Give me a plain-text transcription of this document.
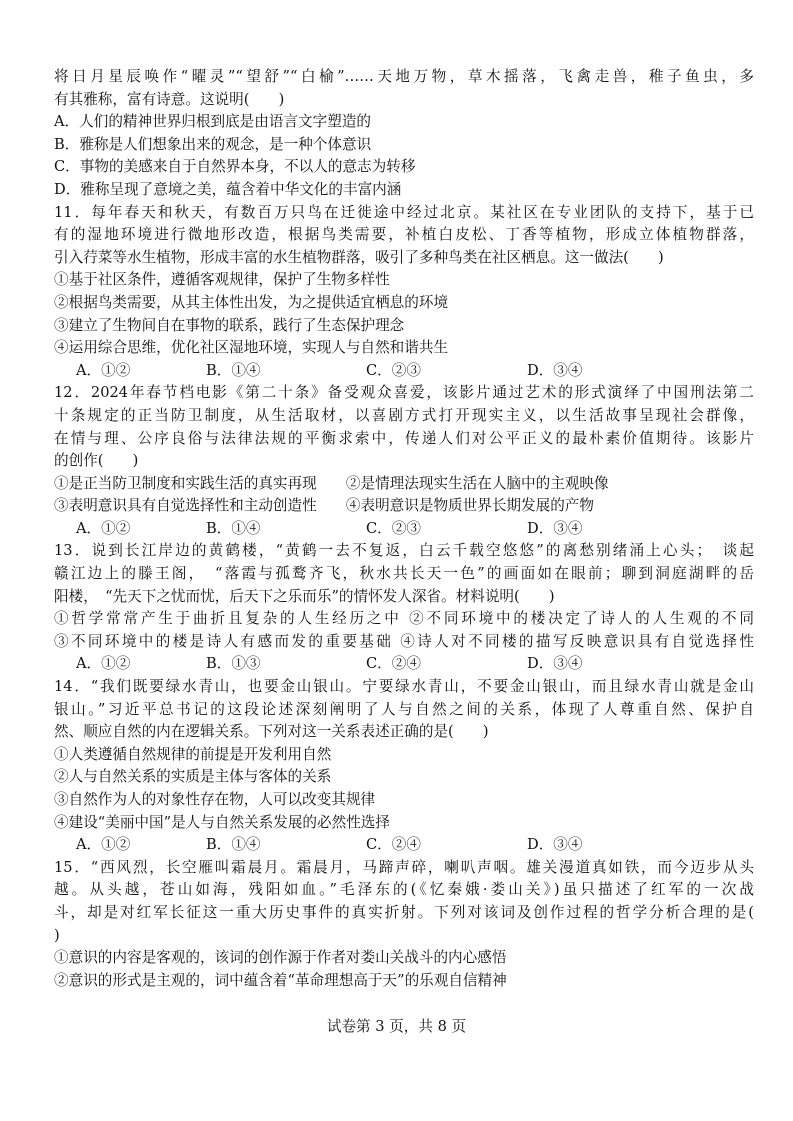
将日月星辰唤作“曜灵”“望舒”“白榆”……天地万物，草木摇落，飞禽走兽，稚子鱼虫，多
有其雅称，富有诗意。这说明(　　)
A．人们的精神世界归根到底是由语言文字塑造的
B．雅称是人们想象出来的观念，是一种个体意识
C．事物的美感来自于自然界本身，不以人的意志为转移
D．雅称呈现了意境之美，蕴含着中华文化的丰富内涵
11．每年春天和秋天，有数百万只鸟在迁徙途中经过北京。某社区在专业团队的支持下，基于已
有的湿地环境进行微地形改造，根据鸟类需要，补植白皮松、丁香等植物，形成立体植物群落，
引入荇菜等水生植物，形成丰富的水生植物群落，吸引了多种鸟类在社区栖息。这一做法(　　)
①基于社区条件，遵循客观规律，保护了生物多样性
②根据鸟类需要，从其主体性出发，为之提供适宜栖息的环境
③建立了生物间自在事物的联系，践行了生态保护理念
④运用综合思维，优化社区湿地环境，实现人与自然和谐共生
A．①②	B．①④	C．②③	D．③④
12．2024年春节档电影《第二十条》备受观众喜爱，该影片通过艺术的形式演绎了中国刑法第二
十条规定的正当防卫制度，从生活取材，以喜剧方式打开现实主义，以生活故事呈现社会群像，
在情与理、公序良俗与法律法规的平衡求索中，传递人们对公平正义的最朴素价值期待。该影片
的创作(　　)
①是正当防卫制度和实践生活的真实再现　　②是情理法现实生活在人脑中的主观映像
③表明意识具有自觉选择性和主动创造性　　④表明意识是物质世界长期发展的产物
A．①②	B．①④	C．②③	D．③④
13．说到长江岸边的黄鹤楼，“黄鹤一去不复返，白云千载空悠悠”的离愁别绪涌上心头；　谈起
赣江边上的滕王阁，　“落霞与孤鹜齐飞，秋水共长天一色”的画面如在眼前；聊到洞庭湖畔的岳
阳楼，　“先天下之忧而忧，后天下之乐而乐”的情怀发人深省。材料说明(　　)
①哲学常常产生于曲折且复杂的人生经历之中 ②不同环境中的楼决定了诗人的人生观的不同
③不同环境中的楼是诗人有感而发的重要基础 ④诗人对不同楼的描写反映意识具有自觉选择性
A．①②	B．①③	C．②④	D．③④
14．“我们既要绿水青山，也要金山银山。宁要绿水青山，不要金山银山，而且绿水青山就是金山
银山。”习近平总书记的这段论述深刻阐明了人与自然之间的关系，体现了人尊重自然、保护自
然、顺应自然的内在逻辑关系。下列对这一关系表述正确的是(　　)
①人类遵循自然规律的前提是开发利用自然
②人与自然关系的实质是主体与客体的关系
③自然作为人的对象性存在物，人可以改变其规律
④建设“美丽中国”是人与自然关系发展的必然性选择
A．①②	B．①④	C．②④	D．③④
15．“西风烈，长空雁叫霜晨月。霜晨月，马蹄声碎，喇叭声咽。雄关漫道真如铁，而今迈步从头
越。从头越，苍山如海，残阳如血。”毛泽东的(《忆秦娥·娄山关》)虽只描述了红军的一次战
斗，却是对红军长征这一重大历史事件的真实折射。下列对该词及创作过程的哲学分析合理的是(
)
①意识的内容是客观的，该词的创作源于作者对娄山关战斗的内心感悟
②意识的形式是主观的，词中蕴含着“革命理想高于天”的乐观自信精神
试卷第 3 页，共 8 页
